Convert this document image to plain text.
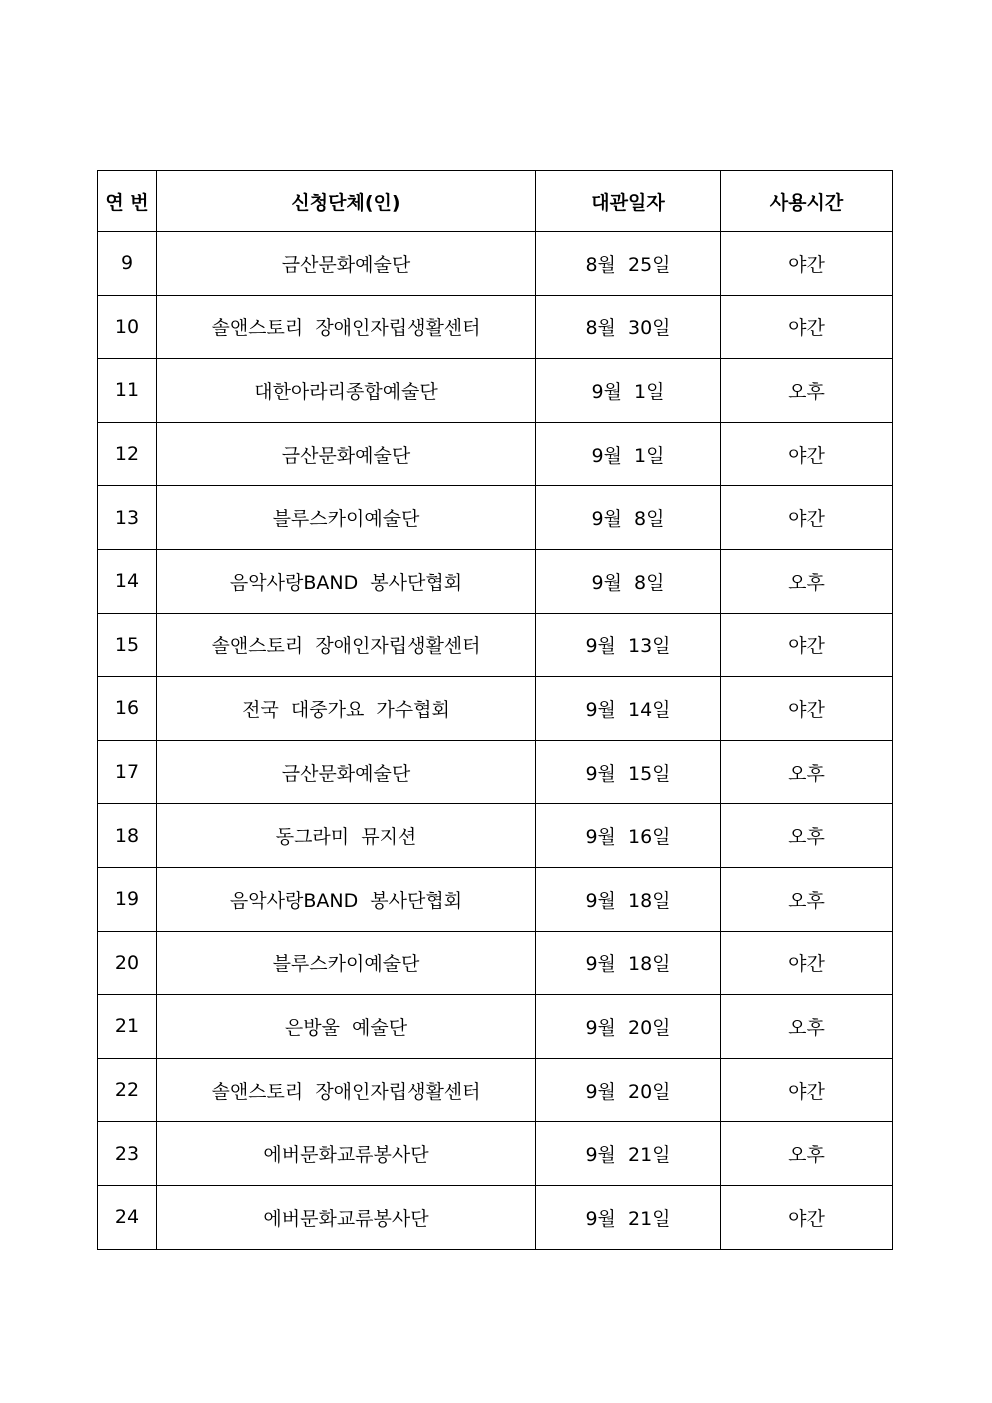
연 번	신청단체(인)	대관일자	사용시간
9	금산문화예술단	8월  25일	야간
10	솔앤스토리  장애인자립생활센터	8월  30일	야간
11	대한아라리종합예술단	9월  1일	오후
12	금산문화예술단	9월  1일	야간
13	블루스카이예술단	9월  8일	야간
14	음악사랑BAND  봉사단협회	9월  8일	오후
15	솔앤스토리  장애인자립생활센터	9월  13일	야간
16	전국  대중가요  가수협회	9월  14일	야간
17	금산문화예술단	9월  15일	오후
18	동그라미  뮤지션	9월  16일	오후
19	음악사랑BAND  봉사단협회	9월  18일	오후
20	블루스카이예술단	9월  18일	야간
21	은방울  예술단	9월  20일	오후
22	솔앤스토리  장애인자립생활센터	9월  20일	야간
23	에버문화교류봉사단	9월  21일	오후
24	에버문화교류봉사단	9월  21일	야간
